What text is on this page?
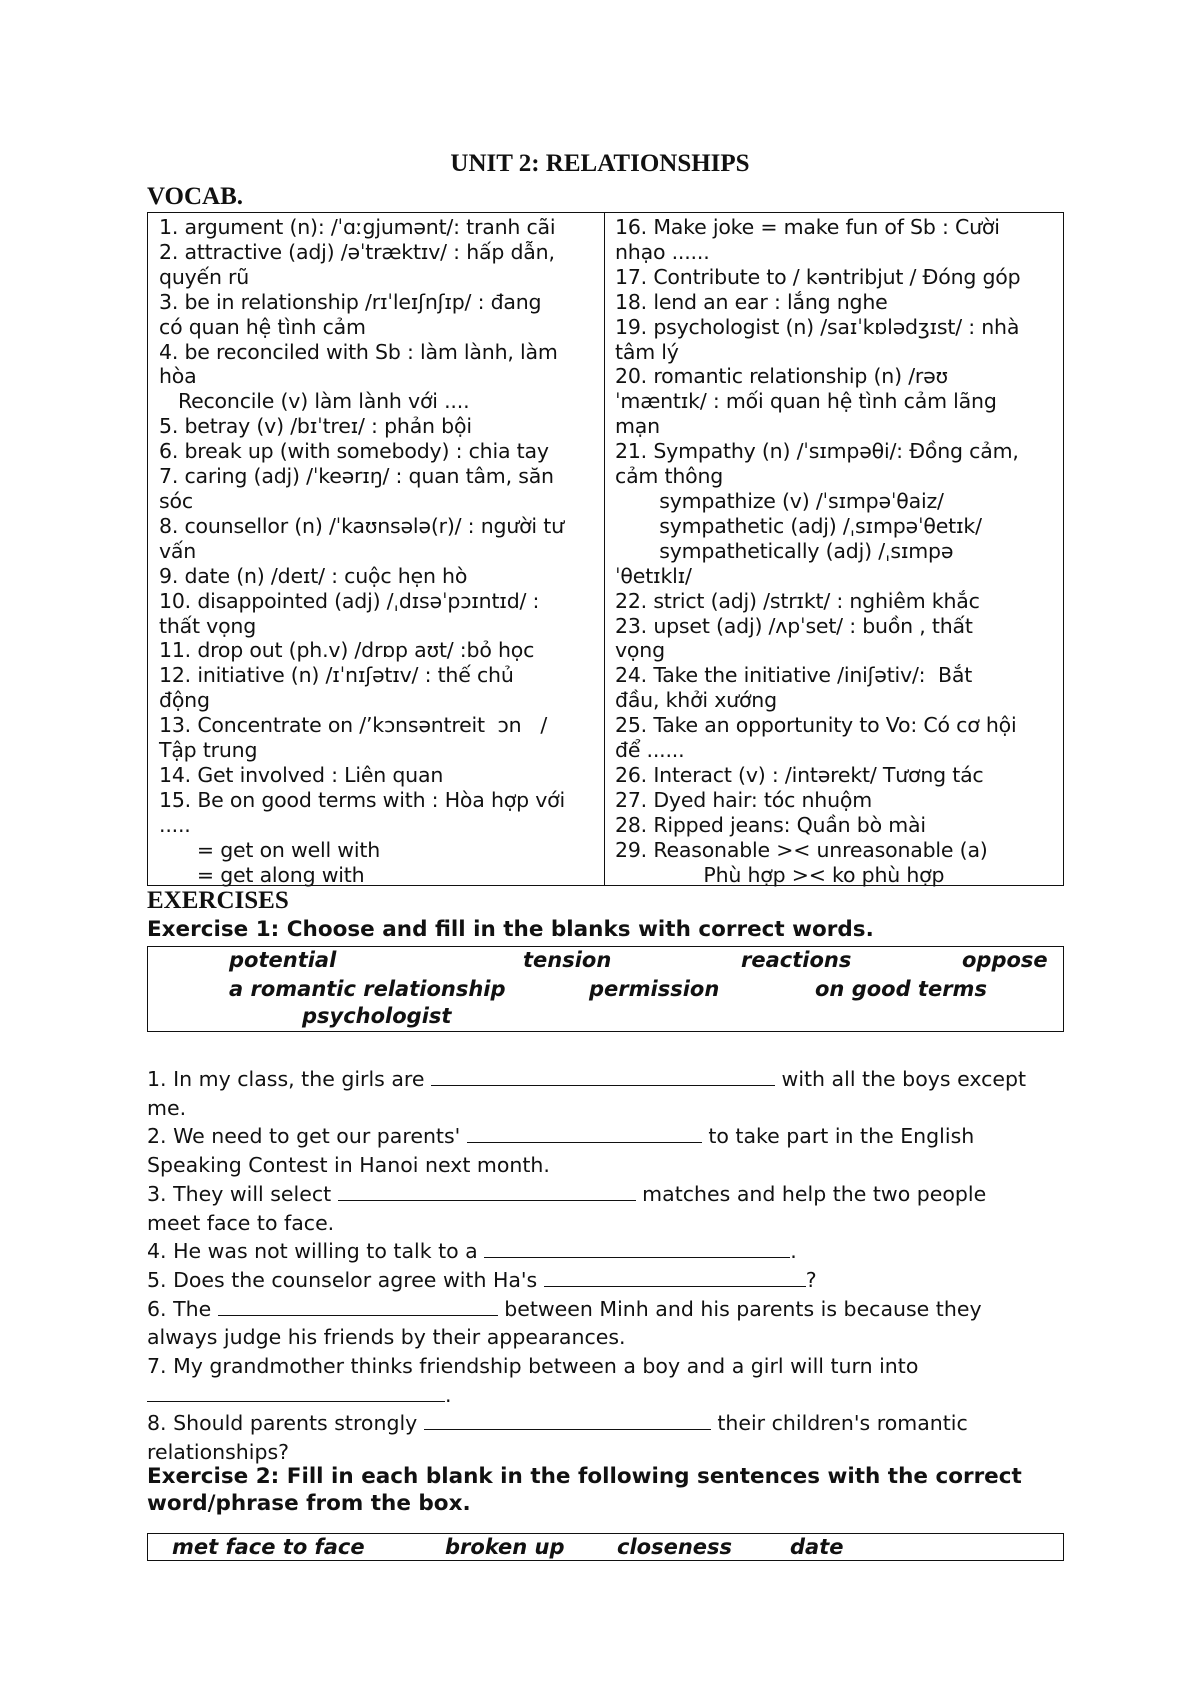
UNIT 2: RELATIONSHIPS
VOCAB.
1. argument (n): /ˈɑːgjumənt/: tranh cãi
2. attractive (adj) /əˈtræktɪv/ : hấp dẫn,
quyến rũ
3. be in relationship /rɪˈleɪʃnʃɪp/ : đang
có quan hệ tình cảm
4. be reconciled with Sb : làm lành, làm
hòa
Reconcile (v) làm lành với ....
5. betray (v) /bɪˈtreɪ/ : phản bội
6. break up (with somebody) : chia tay
7. caring (adj) /ˈkeərɪŋ/ : quan tâm, săn
sóc
8. counsellor (n) /ˈkaʊnsələ(r)/ : người tư
vấn
9. date (n) /deɪt/ : cuộc hẹn hò
10. disappointed (adj) /ˌdɪsəˈpɔɪntɪd/ :
thất vọng
11. drop out (ph.v) /drɒp aʊt/ :bỏ học
12. initiative (n) /ɪˈnɪʃətɪv/ : thế chủ
động
13. Concentrate on /’kɔnsəntreit  ɔn   /
Tập trung
14. Get involved : Liên quan
15. Be on good terms with : Hòa hợp với
.....
= get on well with
= get along with
16. Make joke = make fun of Sb : Cười
nhạo ......
17. Contribute to / kəntribjut / Đóng góp
18. lend an ear : lắng nghe
19. psychologist (n) /saɪˈkɒlədʒɪst/ : nhà
tâm lý
20. romantic relationship (n) /rəʊ
ˈmæntɪk/ : mối quan hệ tình cảm lãng
mạn
21. Sympathy (n) /ˈsɪmpəθi/: Đồng cảm,
cảm thông
sympathize (v) /ˈsɪmpəˈθaiz/
sympathetic (adj) /ˌsɪmpəˈθetɪk/
sympathetically (adj) /ˌsɪmpə
ˈθetɪklɪ/
22. strict (adj) /strɪkt/ : nghiêm khắc
23. upset (adj) /ʌpˈset/ : buồn , thất
vọng
24. Take the initiative /iniʃətiv/:  Bắt
đầu, khởi xướng
25. Take an opportunity to Vo: Có cơ hội
để ......
26. Interact (v) : /intərekt/ Tương tác
27. Dyed hair: tóc nhuộm
28. Ripped jeans: Quần bò mài
29. Reasonable >< unreasonable (a)
Phù hợp >< ko phù hợp
EXERCISES
Exercise 1: Choose and fill in the blanks with correct words.
potential	tension	reactions	oppose
a romantic relationship	permission	on good terms
psychologist
1. In my class, the girls are	with all the boys except
me.
2. We need to get our parents'	to take part in the English
Speaking Contest in Hanoi next month.
3. They will select	matches and help the two people
meet face to face.
4. He was not willing to talk to a	.
5. Does the counselor agree with Ha's	?
6. The	between Minh and his parents is because they
always judge his friends by their appearances.
7. My grandmother thinks friendship between a boy and a girl will turn into
.
8. Should parents strongly	their children's romantic
relationships?
Exercise 2: Fill in each blank in the following sentences with the correct
word/phrase from the box.
met face to face	broken up closeness	date
